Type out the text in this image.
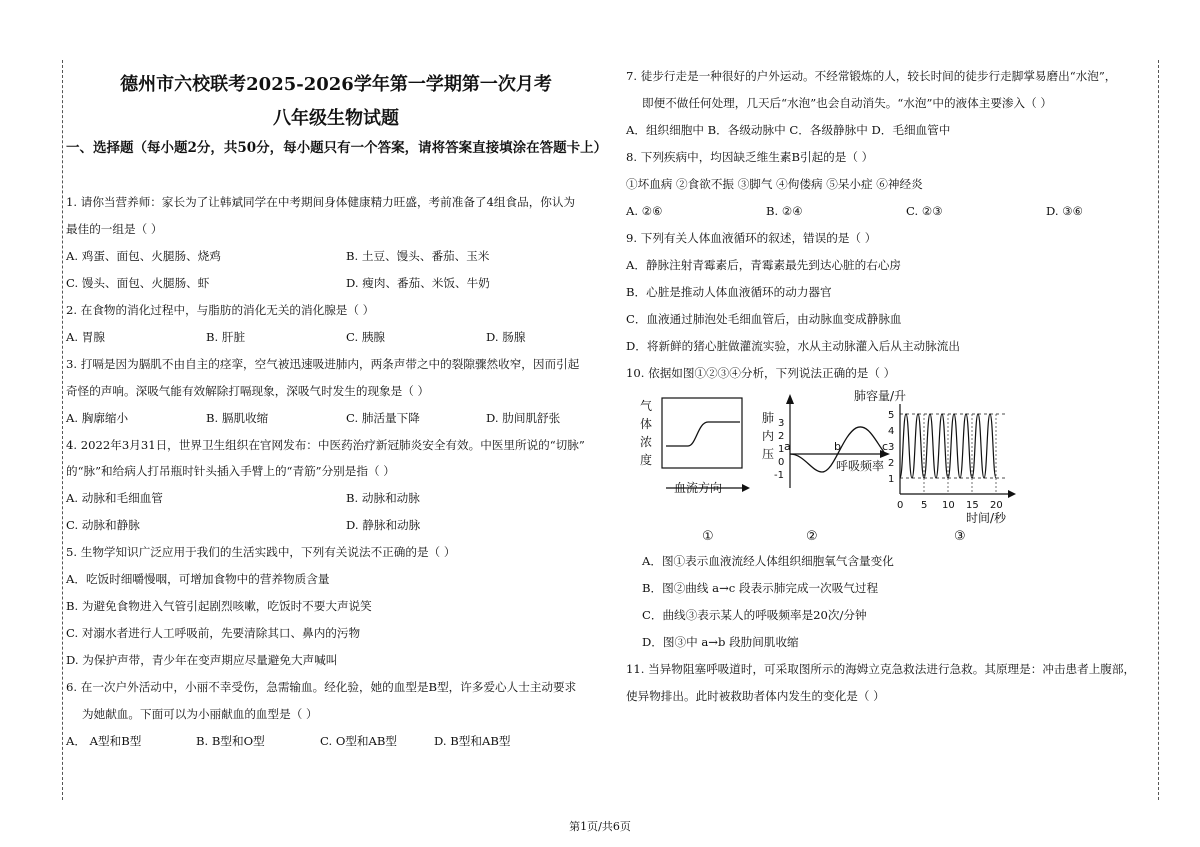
德州市六校联考2025-2026学年第一学期第一次月考
八年级生物试题
一、选择题（每小题2分，共50分，每小题只有一个答案，请将答案直接填涂在答题卡上）
1. 请你当营养师：家长为了让韩斌同学在中考期间身体健康精力旺盛，考前准备了4组食品，你认为
最佳的一组是（ ）
A. 鸡蛋、面包、火腿肠、烧鸡	B. 土豆、馒头、番茄、玉米
C. 馒头、面包、火腿肠、虾	D. 瘦肉、番茄、米饭、牛奶
2. 在食物的消化过程中，与脂肪的消化无关的消化腺是（ ）
A. 胃腺	B. 肝脏	C. 胰腺	D. 肠腺
3. 打嗝是因为膈肌不由自主的痉挛，空气被迅速吸进肺内，两条声带之中的裂隙骤然收窄，因而引起
奇怪的声响。深吸气能有效解除打嗝现象，深吸气时发生的现象是（ ）
A. 胸廓缩小	B. 膈肌收缩	C. 肺活量下降	D. 肋间肌舒张
4. 2022年3月31日，世界卫生组织在官网发布：中医药治疗新冠肺炎安全有效。中医里所说的“切脉”
的“脉”和给病人打吊瓶时针头插入手臂上的“青筋”分别是指（ ）
A. 动脉和毛细血管	B. 动脉和动脉
C. 动脉和静脉	D. 静脉和动脉
5. 生物学知识广泛应用于我们的生活实践中，下列有关说法不正确的是（ ）
A．吃饭时细嚼慢咽，可增加食物中的营养物质含量
B. 为避免食物进入气管引起剧烈咳嗽，吃饭时不要大声说笑
C. 对溺水者进行人工呼吸前，先要清除其口、鼻内的污物
D. 为保护声带，青少年在变声期应尽量避免大声喊叫
6. 在一次户外活动中，小丽不幸受伤，急需输血。经化验，她的血型是B型，许多爱心人士主动要求
为她献血。下面可以为小丽献血的血型是（ ）
A． A型和B型	B. B型和O型	C. O型和AB型	D. B型和AB型
7. 徒步行走是一种很好的户外运动。不经常锻炼的人，较长时间的徒步行走脚掌易磨出“水泡”，
即便不做任何处理，几天后“水泡”也会自动消失。“水泡”中的液体主要渗入（ ）
A．组织细胞中 B．各级动脉中 C．各级静脉中 D．毛细血管中
8. 下列疾病中，均因缺乏维生素B引起的是（ ）
①坏血病 ②食欲不振 ③脚气 ④佝偻病 ⑤呆小症 ⑥神经炎
A. ②⑥	B. ②④	C. ②③	D. ③⑥
9. 下列有关人体血液循环的叙述，错误的是（ ）
A．静脉注射青霉素后，青霉素最先到达心脏的右心房
B．心脏是推动人体血液循环的动力器官
C．血液通过肺泡处毛细血管后，由动脉血变成静脉血
D．将新鲜的猪心脏做灌流实验，水从主动脉灌入后从主动脉流出
10. 依据如图①②③④分析，下列说法正确的是（ ）
气
体
浓
度
①
血流方向
肺
内
压
3
2
1
0
-1
a	b	c
呼吸频率
②
肺容量/升
5
4
3
2
1
0 5 10 15 20
时间/秒
③
A．图①表示血液流经人体组织细胞氧气含量变化
B．图②曲线 a→c 段表示肺完成一次吸气过程
C．曲线③表示某人的呼吸频率是20次/分钟
D．图③中 a→b 段肋间肌收缩
11. 当异物阻塞呼吸道时，可采取图所示的海姆立克急救法进行急救。其原理是：冲击患者上腹部，
使异物排出。此时被救助者体内发生的变化是（ ）
第1页/共6页
